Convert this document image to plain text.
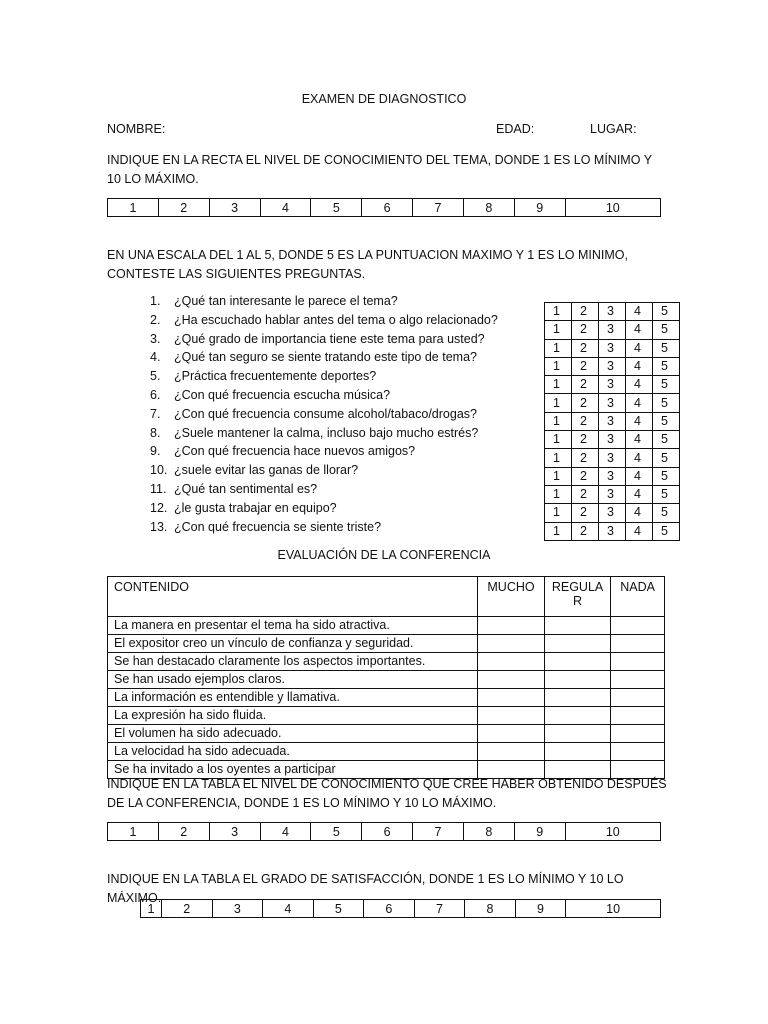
EXAMEN DE DIAGNOSTICO
NOMBRE:	EDAD:	LUGAR:
INDIQUE EN LA RECTA EL NIVEL DE CONOCIMIENTO DEL TEMA, DONDE 1 ES LO MÍNIMO Y 10 LO MÁXIMO.
1	2	3	4	5	6	7	8	9	10
EN UNA ESCALA DEL 1 AL 5, DONDE 5 ES LA PUNTUACION MAXIMO Y 1 ES LO MINIMO, CONTESTE LAS SIGUIENTES PREGUNTAS.
1. ¿Qué tan interesante le parece el tema?
2. ¿Ha escuchado hablar antes del tema o algo relacionado?
3. ¿Qué grado de importancia tiene este tema para usted?
4. ¿Qué tan seguro se siente tratando este tipo de tema?
5. ¿Práctica frecuentemente deportes?
6. ¿Con qué frecuencia escucha música?
7. ¿Con qué frecuencia consume alcohol/tabaco/drogas?
8. ¿Suele mantener la calma, incluso bajo mucho estrés?
9. ¿Con qué frecuencia hace nuevos amigos?
10. ¿suele evitar las ganas de llorar?
11. ¿Qué tan sentimental es?
12. ¿le gusta trabajar en equipo?
13. ¿Con qué frecuencia se siente triste?
1	2	3	4	5
1	2	3	4	5
1	2	3	4	5
1	2	3	4	5
1	2	3	4	5
1	2	3	4	5
1	2	3	4	5
1	2	3	4	5
1	2	3	4	5
1	2	3	4	5
1	2	3	4	5
1	2	3	4	5
1	2	3	4	5
EVALUACIÓN DE LA CONFERENCIA
CONTENIDO	MUCHO	REGULA R	NADA
La manera en presentar el tema ha sido atractiva.			
El expositor creo un vínculo de confianza y seguridad.			
Se han destacado claramente los aspectos importantes.			
Se han usado ejemplos claros.			
La información es entendible y llamativa.			
La expresión ha sido fluida.			
El volumen ha sido adecuado.			
La velocidad ha sido adecuada.			
Se ha invitado a los oyentes a participar			
INDIQUE EN LA TABLA EL NIVEL DE CONOCIMIENTO QUE CREE HABER OBTENIDO DESPUÉS DE LA CONFERENCIA, DONDE 1 ES LO MÍNIMO Y 10 LO MÁXIMO.
1	2	3	4	5	6	7	8	9	10
INDIQUE EN LA TABLA EL GRADO DE SATISFACCIÓN, DONDE 1 ES LO MÍNIMO Y 10 LO MÁXIMO.
1	2	3	4	5	6	7	8	9	10
